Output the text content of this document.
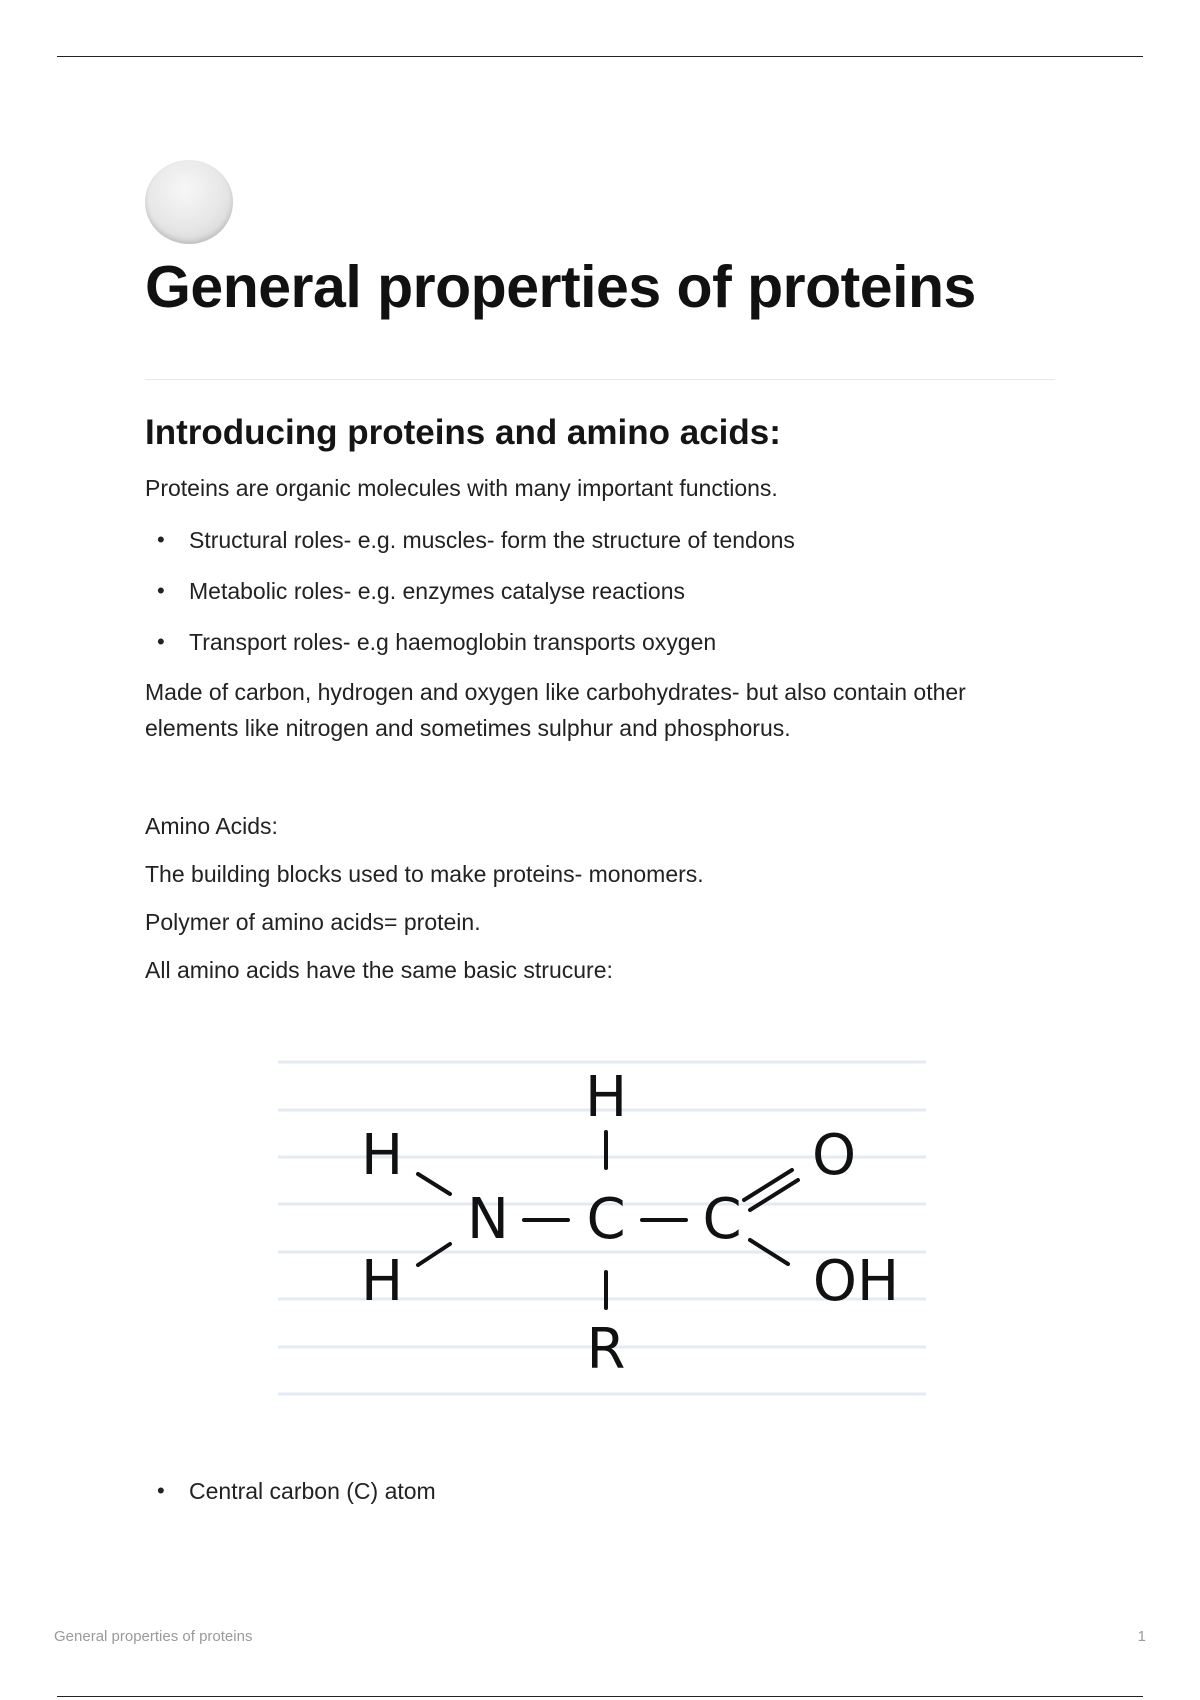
General properties of proteins
Introducing proteins and amino acids:

Proteins are organic molecules with many important functions.

• Structural roles- e.g. muscles- form the structure of tendons
• Metabolic roles- e.g. enzymes catalyse reactions
• Transport roles- e.g haemoglobin transports oxygen

Made of carbon, hydrogen and oxygen like carbohydrates- but also contain other elements like nitrogen and sometimes sulphur and phosphorus.

Amino Acids:

The building blocks used to make proteins- monomers.

Polymer of amino acids= protein.

All amino acids have the same basic strucure:

H
H
H
N C C
O
OH
R
• Central carbon (C) atom
General properties of proteins	1
